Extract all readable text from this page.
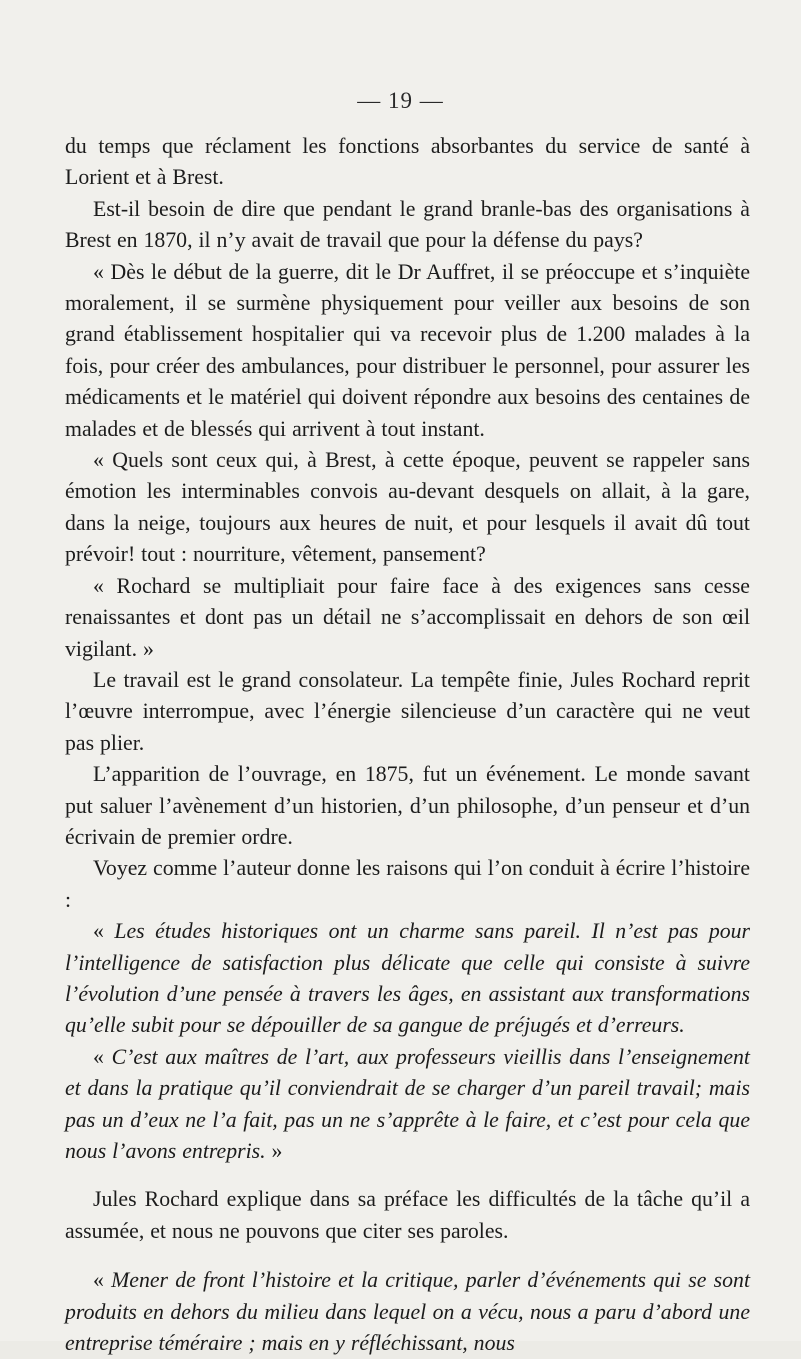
— 19 —

du temps que réclament les fonctions absorbantes du service de santé à Lorient et à Brest.

Est-il besoin de dire que pendant le grand branle-bas des organisations à Brest en 1870, il n’y avait de travail que pour la défense du pays?

« Dès le début de la guerre, dit le Dr Auffret, il se préoccupe et s’inquiète moralement, il se surmène physiquement pour veiller aux besoins de son grand établissement hospitalier qui va recevoir plus de 1.200 malades à la fois, pour créer des ambulances, pour distribuer le personnel, pour assurer les médicaments et le matériel qui doivent répondre aux besoins des centaines de malades et de blessés qui arrivent à tout instant.

« Quels sont ceux qui, à Brest, à cette époque, peuvent se rappeler sans émotion les interminables convois au-devant desquels on allait, à la gare, dans la neige, toujours aux heures de nuit, et pour lesquels il avait dû tout prévoir! tout : nourriture, vêtement, pansement?

« Rochard se multipliait pour faire face à des exigences sans cesse renaissantes et dont pas un détail ne s’accomplissait en dehors de son œil vigilant. »

Le travail est le grand consolateur. La tempête finie, Jules Rochard reprit l’œuvre interrompue, avec l’énergie silencieuse d’un caractère qui ne veut pas plier.

L’apparition de l’ouvrage, en 1875, fut un événement. Le monde savant put saluer l’avènement d’un historien, d’un philosophe, d’un penseur et d’un écrivain de premier ordre.

Voyez comme l’auteur donne les raisons qui l’on conduit à écrire l’histoire :

« Les études historiques ont un charme sans pareil. Il n’est pas pour l’intelligence de satisfaction plus délicate que celle qui consiste à suivre l’évolution d’une pensée à travers les âges, en assistant aux transformations qu’elle subit pour se dépouiller de sa gangue de préjugés et d’erreurs.

« C’est aux maîtres de l’art, aux professeurs vieillis dans l’enseignement et dans la pratique qu’il conviendrait de se charger d’un pareil travail; mais pas un d’eux ne l’a fait, pas un ne s’apprête à le faire, et c’est pour cela que nous l’avons entrepris. »

Jules Rochard explique dans sa préface les difficultés de la tâche qu’il a assumée, et nous ne pouvons que citer ses paroles.

« Mener de front l’histoire et la critique, parler d’événements qui se sont produits en dehors du milieu dans lequel on a vécu, nous a paru d’abord une entreprise téméraire ; mais en y réfléchissant, nous
